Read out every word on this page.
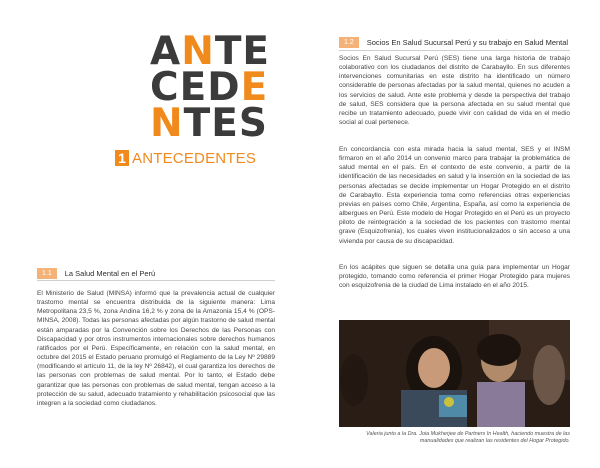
ANTE
CEDE
NTES
1 ANTECEDENTES
1.1	La Salud Mental en el Perú

El Ministerio de Salud (MINSA) informó que la prevalencia actual de cualquier trastorno mental se encuentra distribuida de la siguiente manera: Lima Metropolitana 23,5 %, zona Andina 16,2 % y zona de la Amazonia 15,4 % (OPS-MINSA, 2008). Todas las personas afectadas por algún trastorno de salud mental están amparadas por la Convención sobre los Derechos de las Personas con Discapacidad y por otros instrumentos internacionales sobre derechos humanos ratificados por el Perú. Específicamente, en relación con la salud mental, en octubre del 2015 el Estado peruano promulgó el Reglamento de la Ley Nº 29889 (modificando el artículo 11, de la ley Nº 26842), el cual garantiza los derechos de las personas con problemas de salud mental. Por lo tanto, el Estado debe garantizar que las personas con problemas de salud mental, tengan acceso a la protección de su salud, adecuado tratamiento y rehabilitación psicosocial que las integren a la sociedad como ciudadanos.

1.2	Socios En Salud Sucursal Perú y su trabajo en Salud Mental

Socios En Salud Sucursal Perú (SES) tiene una larga historia de trabajo colaborativo con los ciudadanos del distrito de Carabayllo. En sus diferentes intervenciones comunitarias en este distrito ha identificado un número considerable de personas afectadas por la salud mental, quienes no acuden a los servicios de salud. Ante este problema y desde la perspectiva del trabajo de salud, SES considera que la persona afectada en su salud mental que recibe un tratamiento adecuado, puede vivir con calidad de vida en el medio social al cual pertenece.

En concordancia con esta mirada hacia la salud mental, SES y el INSM firmaron en el año 2014 un convenio marco para trabajar la problemática de salud mental en el país. En el contexto de este convenio, a partir de la identificación de las necesidades en salud y la inserción en la sociedad de las personas afectadas se decide implementar un Hogar Protegido en el distrito de Carabayllo. Esta experiencia toma como referencias otras experiencias previas en países como Chile, Argentina, España, así como la experiencia de albergues en Perú. Este modelo de Hogar Protegido en el Perú es un proyecto piloto de reintegración a la sociedad de los pacientes con trastorno mental grave (Esquizofrenia), los cuales viven institucionalizados o sin acceso a una vivienda por causa de su discapacidad.

En los acápites que siguen se detalla una guía para implementar un Hogar protegido, tomando como referencia el primer Hogar Protegido para mujeres con esquizofrenia de la ciudad de Lima instalado en el año 2015.

Valeria junto a la Dra. Joia Mukherjee de Partners In Health, haciendo muestra de las manualidades que realizan las residentes del Hogar Protegido.
